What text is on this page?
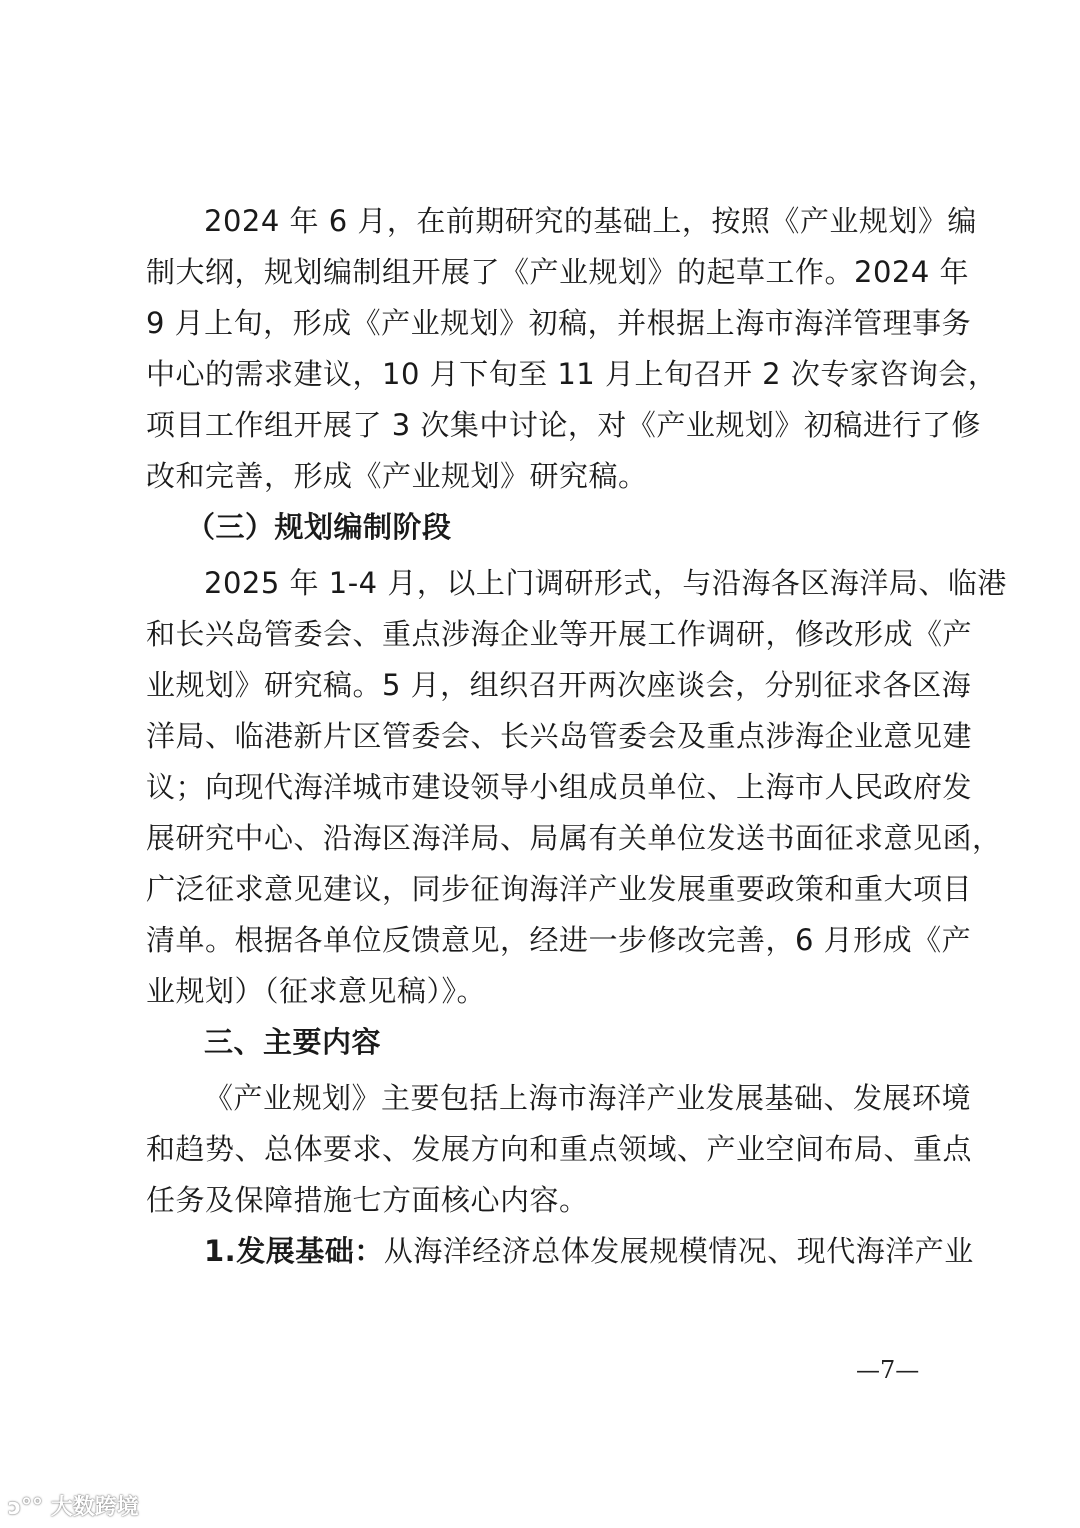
2024 年 6 月，在前期研究的基础上，按照《产业规划》编
制大纲，规划编制组开展了《产业规划》的起草工作。2024 年
9 月上旬，形成《产业规划》初稿，并根据上海市海洋管理事务
中心的需求建议，10 月下旬至 11 月上旬召开 2 次专家咨询会，
项目工作组开展了 3 次集中讨论，对《产业规划》初稿进行了修
改和完善，形成《产业规划》研究稿。
（三）规划编制阶段
2025 年 1-4 月，以上门调研形式，与沿海各区海洋局、临港
和长兴岛管委会、重点涉海企业等开展工作调研，修改形成《产
业规划》研究稿。5 月，组织召开两次座谈会，分别征求各区海
洋局、临港新片区管委会、长兴岛管委会及重点涉海企业意见建
议；向现代海洋城市建设领导小组成员单位、上海市人民政府发
展研究中心、沿海区海洋局、局属有关单位发送书面征求意见函，
广泛征求意见建议，同步征询海洋产业发展重要政策和重大项目
清单。根据各单位反馈意见，经进一步修改完善，6 月形成《产
业规划）（征求意见稿）》。
三、主要内容
《产业规划》主要包括上海市海洋产业发展基础、发展环境
和趋势、总体要求、发展方向和重点领域、产业空间布局、重点
任务及保障措施七方面核心内容。
1.发展基础：从海洋经济总体发展规模情况、现代海洋产业
—7—
ↄ°° 大数跨境
